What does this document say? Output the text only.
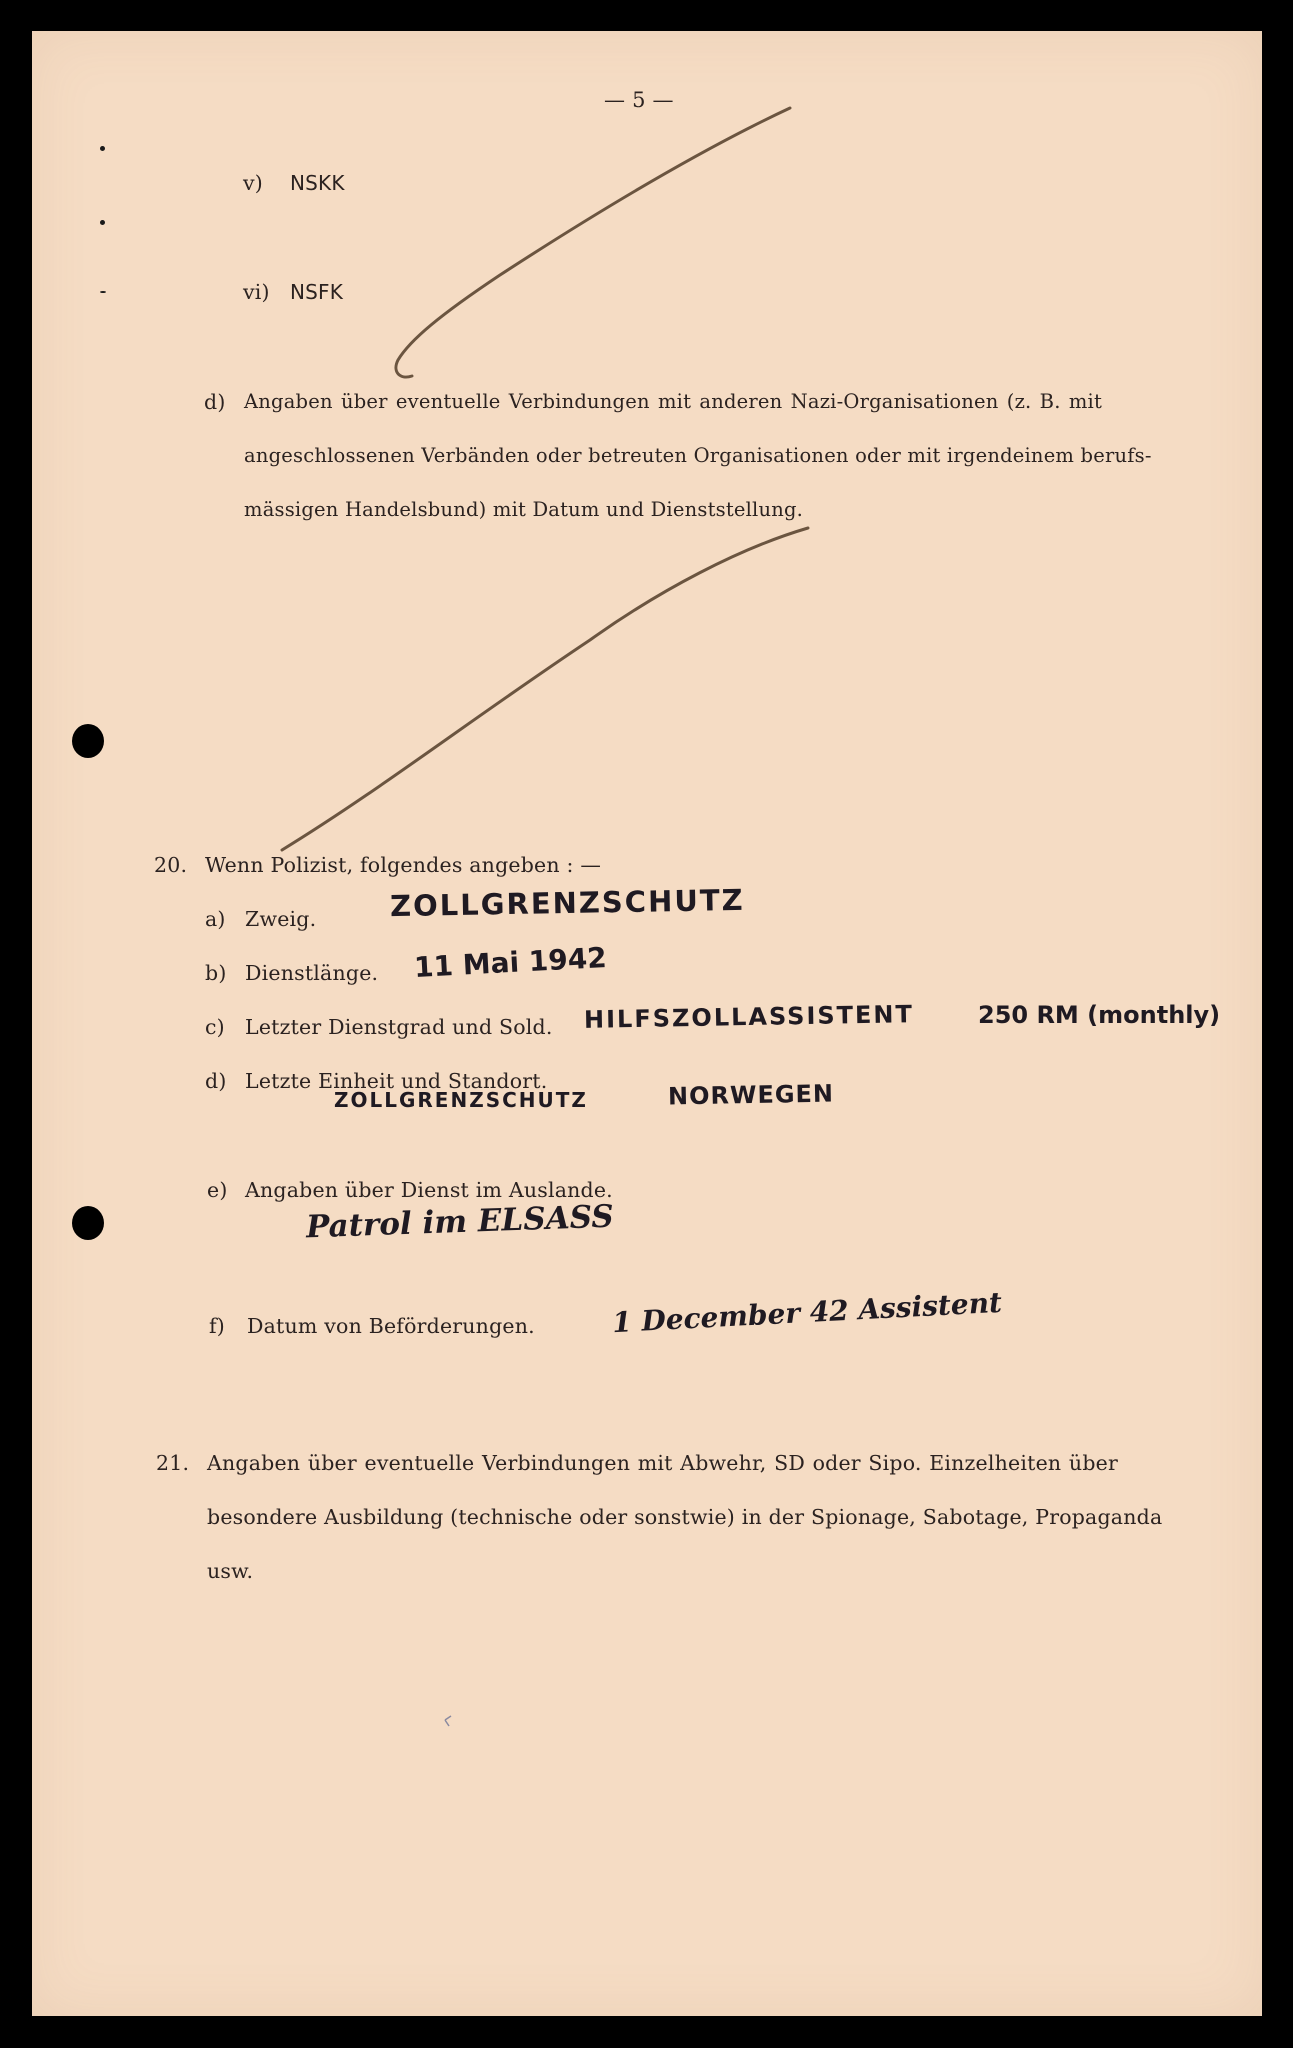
— 5 —
v) NSKK
vi) NSFK
d) Angaben über eventuelle Verbindungen mit anderen Nazi-Organisationen (z. B. mit
angeschlossenen Verbänden oder betreuten Organisationen oder mit irgendeinem berufs-
mässigen Handelsbund) mit Datum und Dienststellung.
20. Wenn Polizist, folgendes angeben : —
a) Zweig.
b) Dienstlänge.
c) Letzter Dienstgrad und Sold.
d) Letzte Einheit und Standort.
e) Angaben über Dienst im Auslande.
f) Datum von Beförderungen.
ZOLLGRENZSCHUTZ
11 Mai 1942
HILFSZOLLASSISTENT	250 RM (monthly)
ZOLLGRENZSCHUTZ	NORWEGEN
Patrol im ELSASS
1 December 42 Assistent
21. Angaben über eventuelle Verbindungen mit Abwehr, SD oder Sipo. Einzelheiten über
besondere Ausbildung (technische oder sonstwie) in der Spionage, Sabotage, Propaganda
usw.
